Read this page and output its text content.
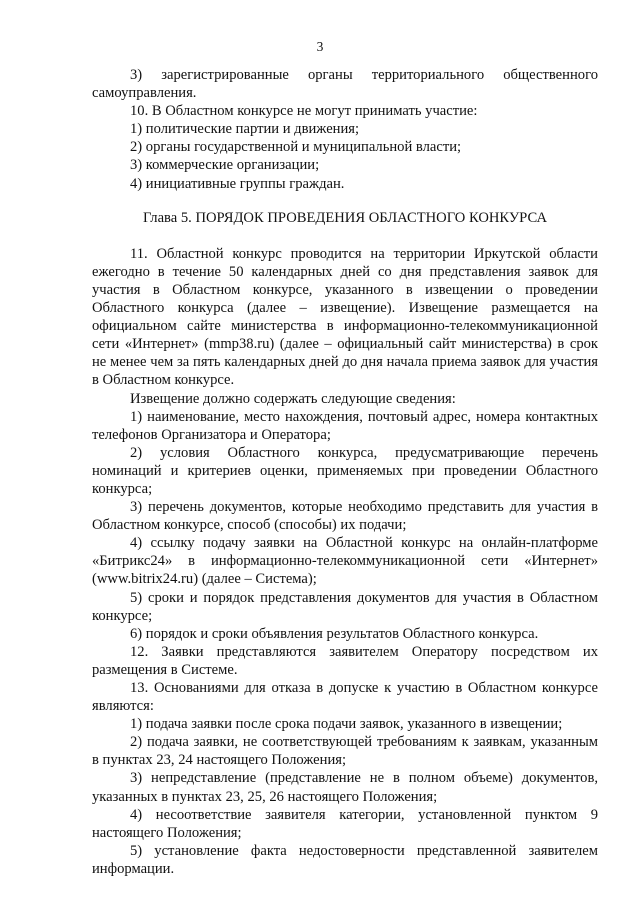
3

3) зарегистрированные органы территориального общественного

самоуправления.

10. В Областном конкурсе не могут принимать участие:

1) политические партии и движения;

2) органы государственной и муниципальной власти;

3) коммерческие организации;

4) инициативные группы граждан.

Глава 5. ПОРЯДОК ПРОВЕДЕНИЯ ОБЛАСТНОГО КОНКУРСА

11. Областной конкурс проводится на территории Иркутской области ежегодно в течение 50 календарных дней со дня представления заявок для участия в Областном конкурсе, указанного в извещении о проведении Областного конкурса (далее – извещение). Извещение размещается на официальном сайте министерства в информационно-телекоммуникационной сети «Интернет» (mmp38.ru) (далее – официальный сайт министерства) в срок не менее чем за пять календарных дней до дня начала приема заявок для участия в Областном конкурсе.

Извещение должно содержать следующие сведения:

1) наименование, место нахождения, почтовый адрес, номера контактных телефонов Организатора и Оператора;

2) условия Областного конкурса, предусматривающие перечень номинаций и критериев оценки, применяемых при проведении Областного конкурса;

3) перечень документов, которые необходимо представить для участия в Областном конкурсе, способ (способы) их подачи;

4) ссылку подачу заявки на Областной конкурс на онлайн-платформе «Битрикс24» в информационно-телекоммуникационной сети «Интернет» (www.bitrix24.ru) (далее – Система);

5) сроки и порядок представления документов для участия в Областном конкурсе;

6) порядок и сроки объявления результатов Областного конкурса.

12. Заявки представляются заявителем Оператору посредством их размещения в Системе.

13. Основаниями для отказа в допуске к участию в Областном конкурсе являются:

1) подача заявки после срока подачи заявок, указанного в извещении;

2) подача заявки, не соответствующей требованиям к заявкам, указанным в пунктах 23, 24 настоящего Положения;

3) непредставление (представление не в полном объеме) документов, указанных в пунктах 23, 25, 26 настоящего Положения;

4) несоответствие заявителя категории, установленной пунктом 9 настоящего Положения;

5) установление факта недостоверности представленной заявителем информации.
